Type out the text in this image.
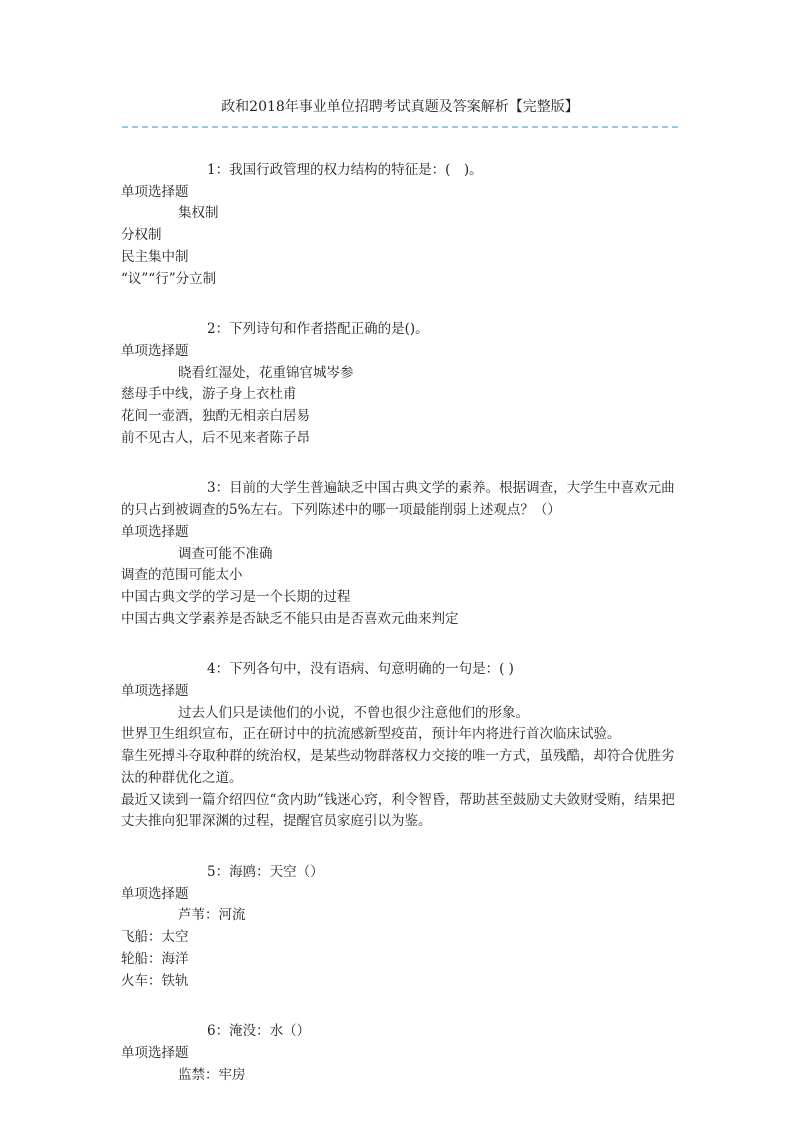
政和2018年事业单位招聘考试真题及答案解析【完整版】
1：我国行政管理的权力结构的特征是：(　)。
单项选择题
集权制
分权制
民主集中制
“议”“行”分立制
2：下列诗句和作者搭配正确的是()。
单项选择题
晓看红湿处，花重锦官城岑参
慈母手中线，游子身上衣杜甫
花间一壶酒，独酌无相亲白居易
前不见古人，后不见来者陈子昂
3：目前的大学生普遍缺乏中国古典文学的素养。根据调查，大学生中喜欢元曲的只占到被调查的5%左右。下列陈述中的哪一项最能削弱上述观点？（）
单项选择题
调查可能不准确
调查的范围可能太小
中国古典文学的学习是一个长期的过程
中国古典文学素养是否缺乏不能只由是否喜欢元曲来判定
4：下列各句中，没有语病、句意明确的一句是：( )
单项选择题
过去人们只是读他们的小说，不曾也很少注意他们的形象。
世界卫生组织宣布，正在研讨中的抗流感新型疫苗，预计年内将进行首次临床试验。
靠生死搏斗夺取种群的统治权，是某些动物群落权力交接的唯一方式，虽残酷，却符合优胜劣汰的种群优化之道。
最近又读到一篇介绍四位“贪内助”钱迷心窍，利令智昏，帮助甚至鼓励丈夫敛财受贿，结果把丈夫推向犯罪深渊的过程，提醒官员家庭引以为鉴。
5：海鸥：天空（）
单项选择题
芦苇：河流
飞船：太空
轮船：海洋
火车：铁轨
6：淹没：水（）
单项选择题
监禁：牢房
